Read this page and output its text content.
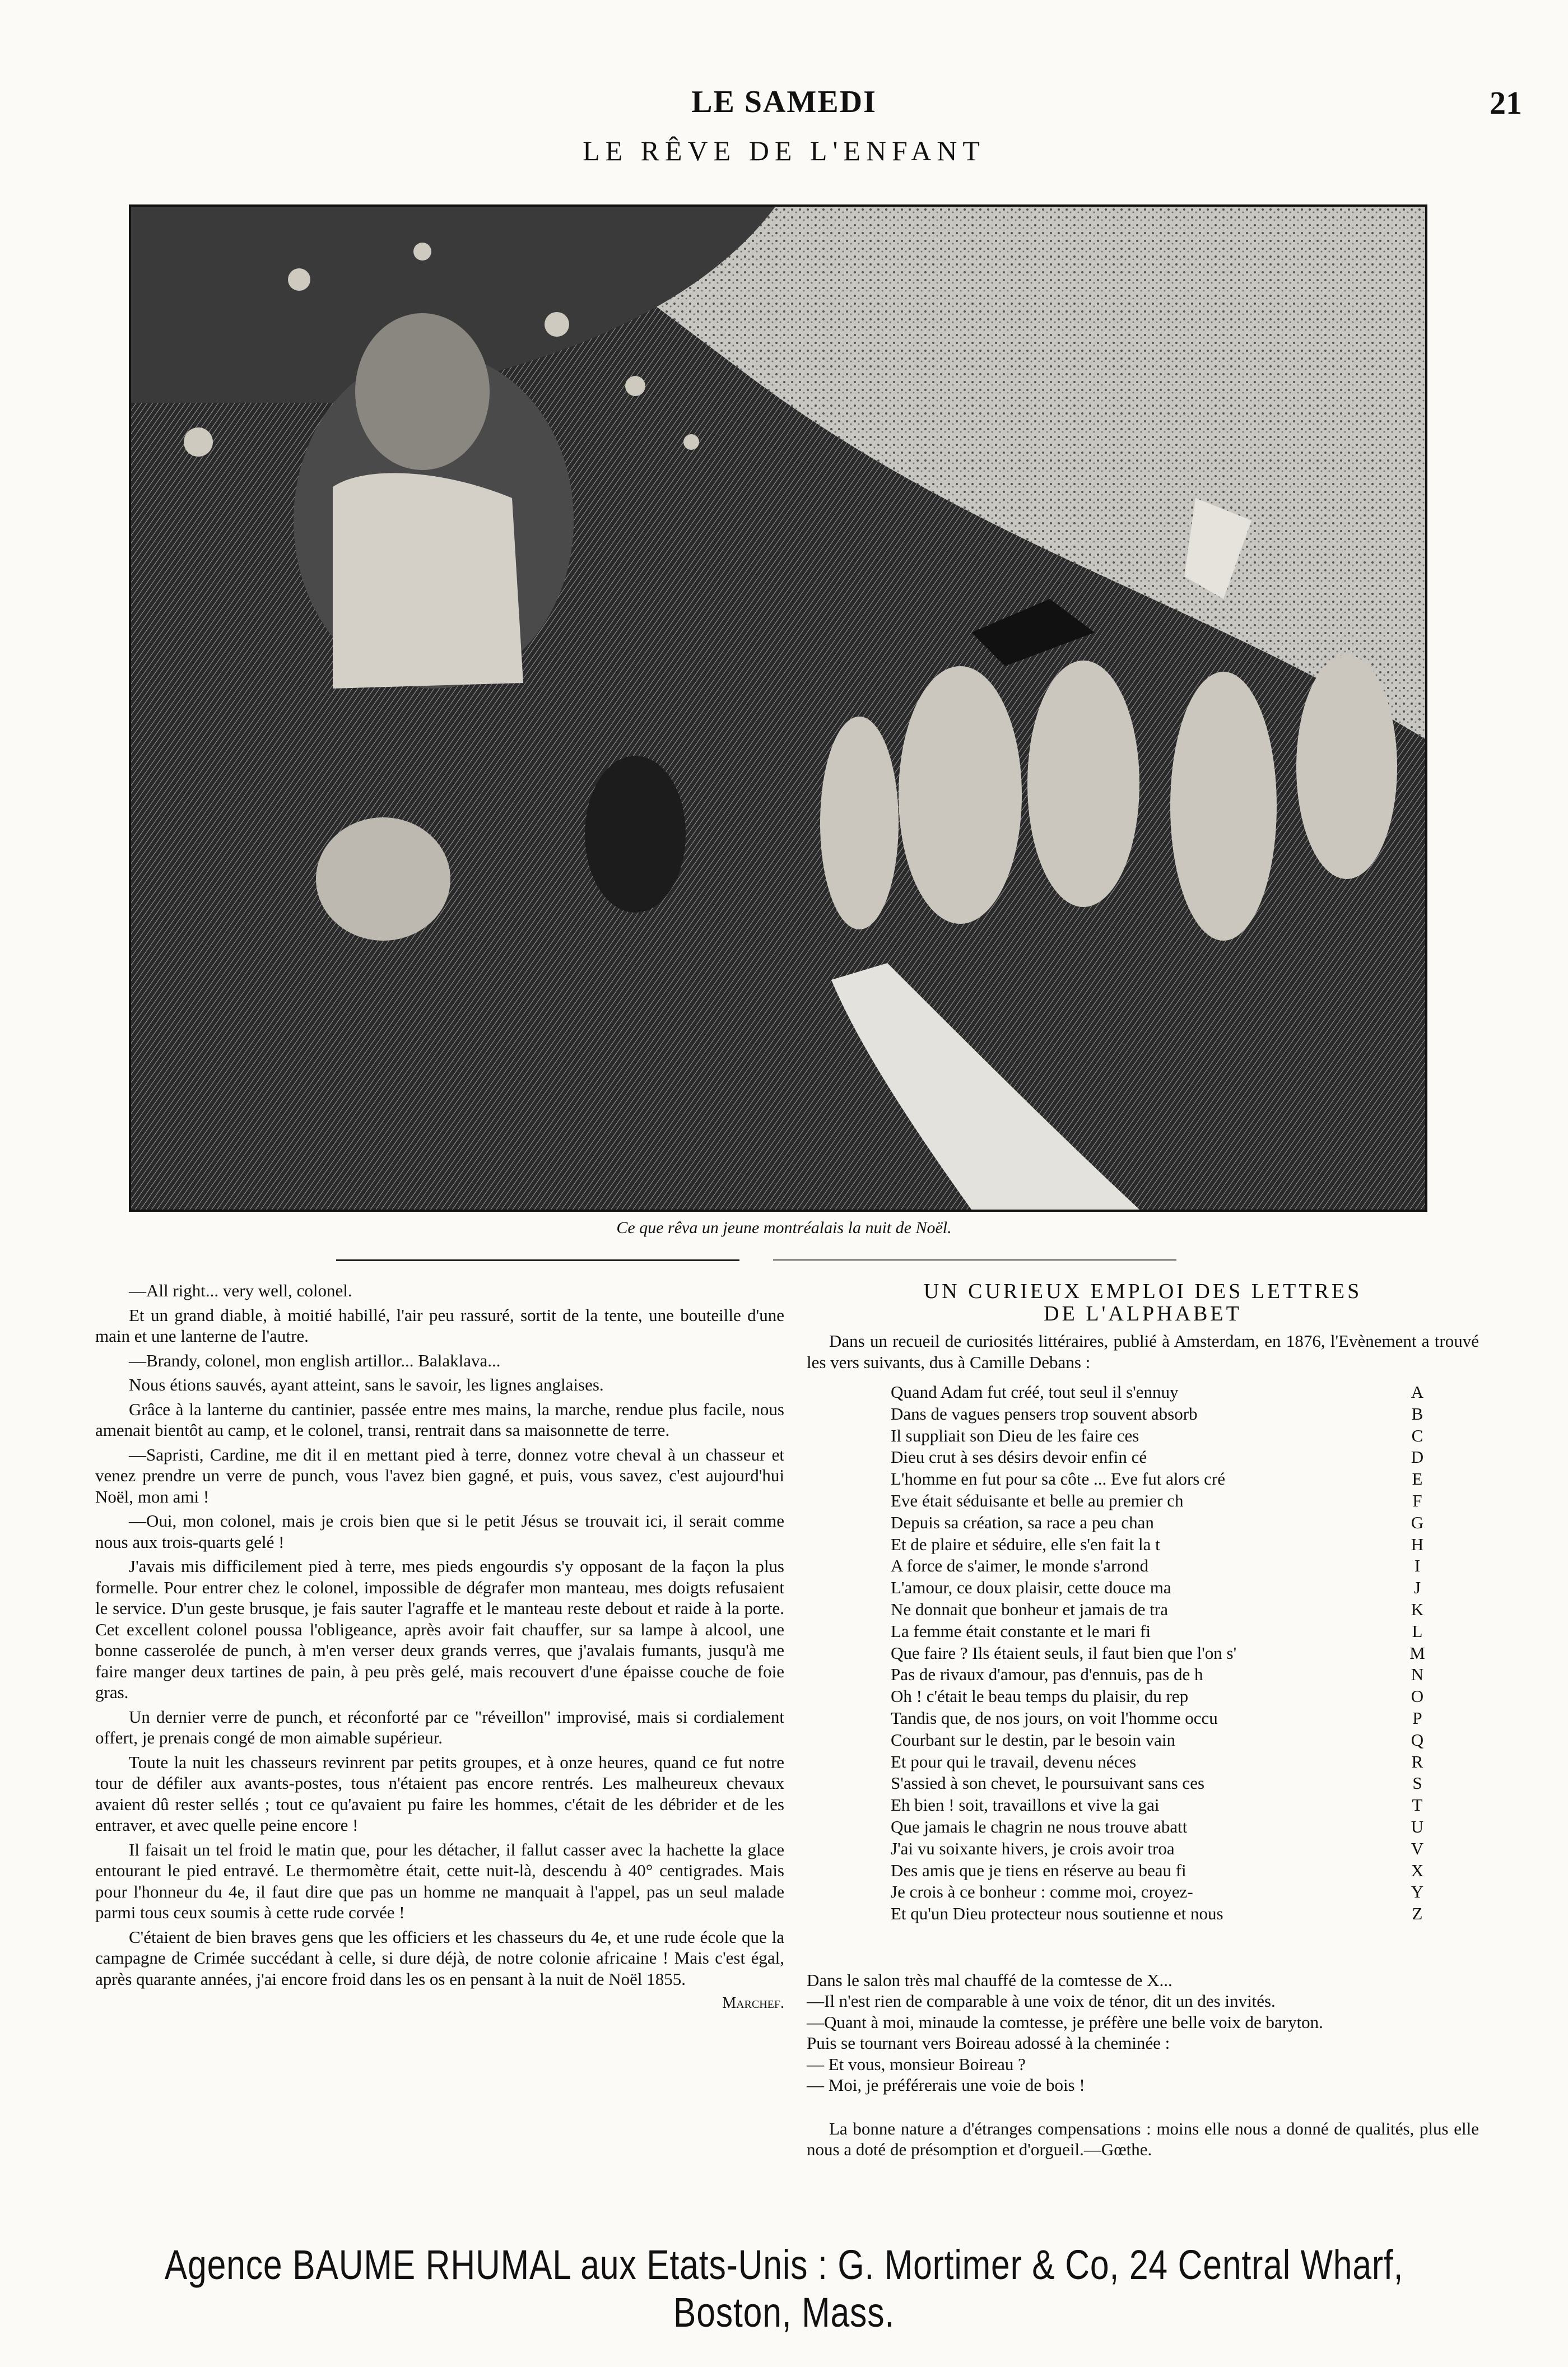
LE SAMEDI	21
LE RÊVE DE L'ENFANT
Ce que rêva un jeune montréalais la nuit de Noël.

—All right... very well, colonel.

Et un grand diable, à moitié habillé, l'air peu rassuré, sortit de la tente, une bouteille d'une main et une lanterne de l'autre.

—Brandy, colonel, mon english artillor... Balaklava...

Nous étions sauvés, ayant atteint, sans le savoir, les lignes anglaises.

Grâce à la lanterne du cantinier, passée entre mes mains, la marche, rendue plus facile, nous amenait bientôt au camp, et le colonel, transi, rentrait dans sa maisonnette de terre.

—Sapristi, Cardine, me dit il en mettant pied à terre, donnez votre cheval à un chasseur et venez prendre un verre de punch, vous l'avez bien gagné, et puis, vous savez, c'est aujourd'hui Noël, mon ami !

—Oui, mon colonel, mais je crois bien que si le petit Jésus se trouvait ici, il serait comme nous aux trois-quarts gelé !

J'avais mis difficilement pied à terre, mes pieds engourdis s'y opposant de la façon la plus formelle. Pour entrer chez le colonel, impossible de dégrafer mon manteau, mes doigts refusaient le service. D'un geste brusque, je fais sauter l'agraffe et le manteau reste debout et raide à la porte. Cet excellent colonel poussa l'obligeance, après avoir fait chauffer, sur sa lampe à alcool, une bonne casserolée de punch, à m'en verser deux grands verres, que j'avalais fumants, jusqu'à me faire manger deux tartines de pain, à peu près gelé, mais recouvert d'une épaisse couche de foie gras.

Un dernier verre de punch, et réconforté par ce "réveillon" improvisé, mais si cordialement offert, je prenais congé de mon aimable supérieur.

Toute la nuit les chasseurs revinrent par petits groupes, et à onze heures, quand ce fut notre tour de défiler aux avants-postes, tous n'étaient pas encore rentrés. Les malheureux chevaux avaient dû rester sellés ; tout ce qu'avaient pu faire les hommes, c'était de les débrider et de les entraver, et avec quelle peine encore !

Il faisait un tel froid le matin que, pour les détacher, il fallut casser avec la hachette la glace entourant le pied entravé. Le thermomètre était, cette nuit-là, descendu à 40° centigrades. Mais pour l'honneur du 4e, il faut dire que pas un homme ne manquait à l'appel, pas un seul malade parmi tous ceux soumis à cette rude corvée !

C'étaient de bien braves gens que les officiers et les chasseurs du 4e, et une rude école que la campagne de Crimée succédant à celle, si dure déjà, de notre colonie africaine ! Mais c'est égal, après quarante années, j'ai encore froid dans les os en pensant à la nuit de Noël 1855.

Marchef.

UN CURIEUX EMPLOI DES LETTRES

DE L'ALPHABET

Dans un recueil de curiosités littéraires, publié à Amsterdam, en 1876, l'Evènement a trouvé les vers suivants, dus à Camille Debans :

Quand Adam fut créé, tout seul il s'ennuy	A
Dans de vagues pensers trop souvent absorb	B
Il suppliait son Dieu de les faire ces	C
Dieu crut à ses désirs devoir enfin cé	D
L'homme en fut pour sa côte ... Eve fut alors cré	E
Eve était séduisante et belle au premier ch	F
Depuis sa création, sa race a peu chan	G
Et de plaire et séduire, elle s'en fait la t	H
A force de s'aimer, le monde s'arrond	I
L'amour, ce doux plaisir, cette douce ma	J
Ne donnait que bonheur et jamais de tra	K
La femme était constante et le mari fi	L
Que faire ? Ils étaient seuls, il faut bien que l'on s'	M
Pas de rivaux d'amour, pas d'ennuis, pas de h	N
Oh ! c'était le beau temps du plaisir, du rep	O
Tandis que, de nos jours, on voit l'homme occu	P
Courbant sur le destin, par le besoin vain	Q
Et pour qui le travail, devenu néces	R
S'assied à son chevet, le poursuivant sans ces	S
Eh bien ! soit, travaillons et vive la gai	T
Que jamais le chagrin ne nous trouve abatt	U
J'ai vu soixante hivers, je crois avoir troa	V
Des amis que je tiens en réserve au beau fi	X
Je crois à ce bonheur : comme moi, croyez-	Y
Et qu'un Dieu protecteur nous soutienne et nous	Z

Dans le salon très mal chauffé de la comtesse de X...

—Il n'est rien de comparable à une voix de ténor, dit un des invités.

—Quant à moi, minaude la comtesse, je préfère une belle voix de baryton.

Puis se tournant vers Boireau adossé à la cheminée :

— Et vous, monsieur Boireau ?

— Moi, je préférerais une voie de bois !

La bonne nature a d'étranges compensations : moins elle nous a donné de qualités, plus elle nous a doté de présomption et d'orgueil.—Gœthe.

Agence BAUME RHUMAL aux Etats-Unis : G. Mortimer & Co, 24 Central Wharf, Boston, Mass.
